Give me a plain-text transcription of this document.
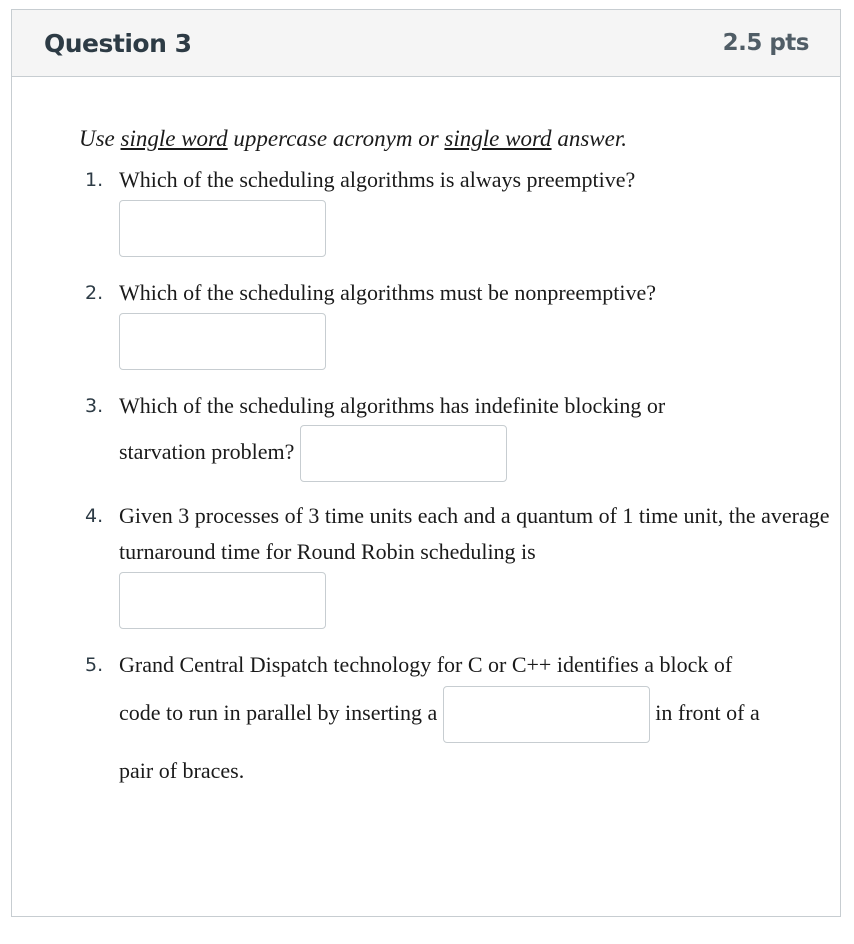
Question 3	2.5 pts

Use single word uppercase acronym or single word answer.

1. Which of the scheduling algorithms is always preemptive?
2. Which of the scheduling algorithms must be nonpreemptive?
3. Which of the scheduling algorithms has indefinite blocking or
starvation problem?
4. Given 3 processes of 3 time units each and a quantum of 1 time unit, the average turnaround time for Round Robin scheduling is
5. Grand Central Dispatch technology for C or C++ identifies a block of
code to run in parallel by inserting a	in front of a
pair of braces.
